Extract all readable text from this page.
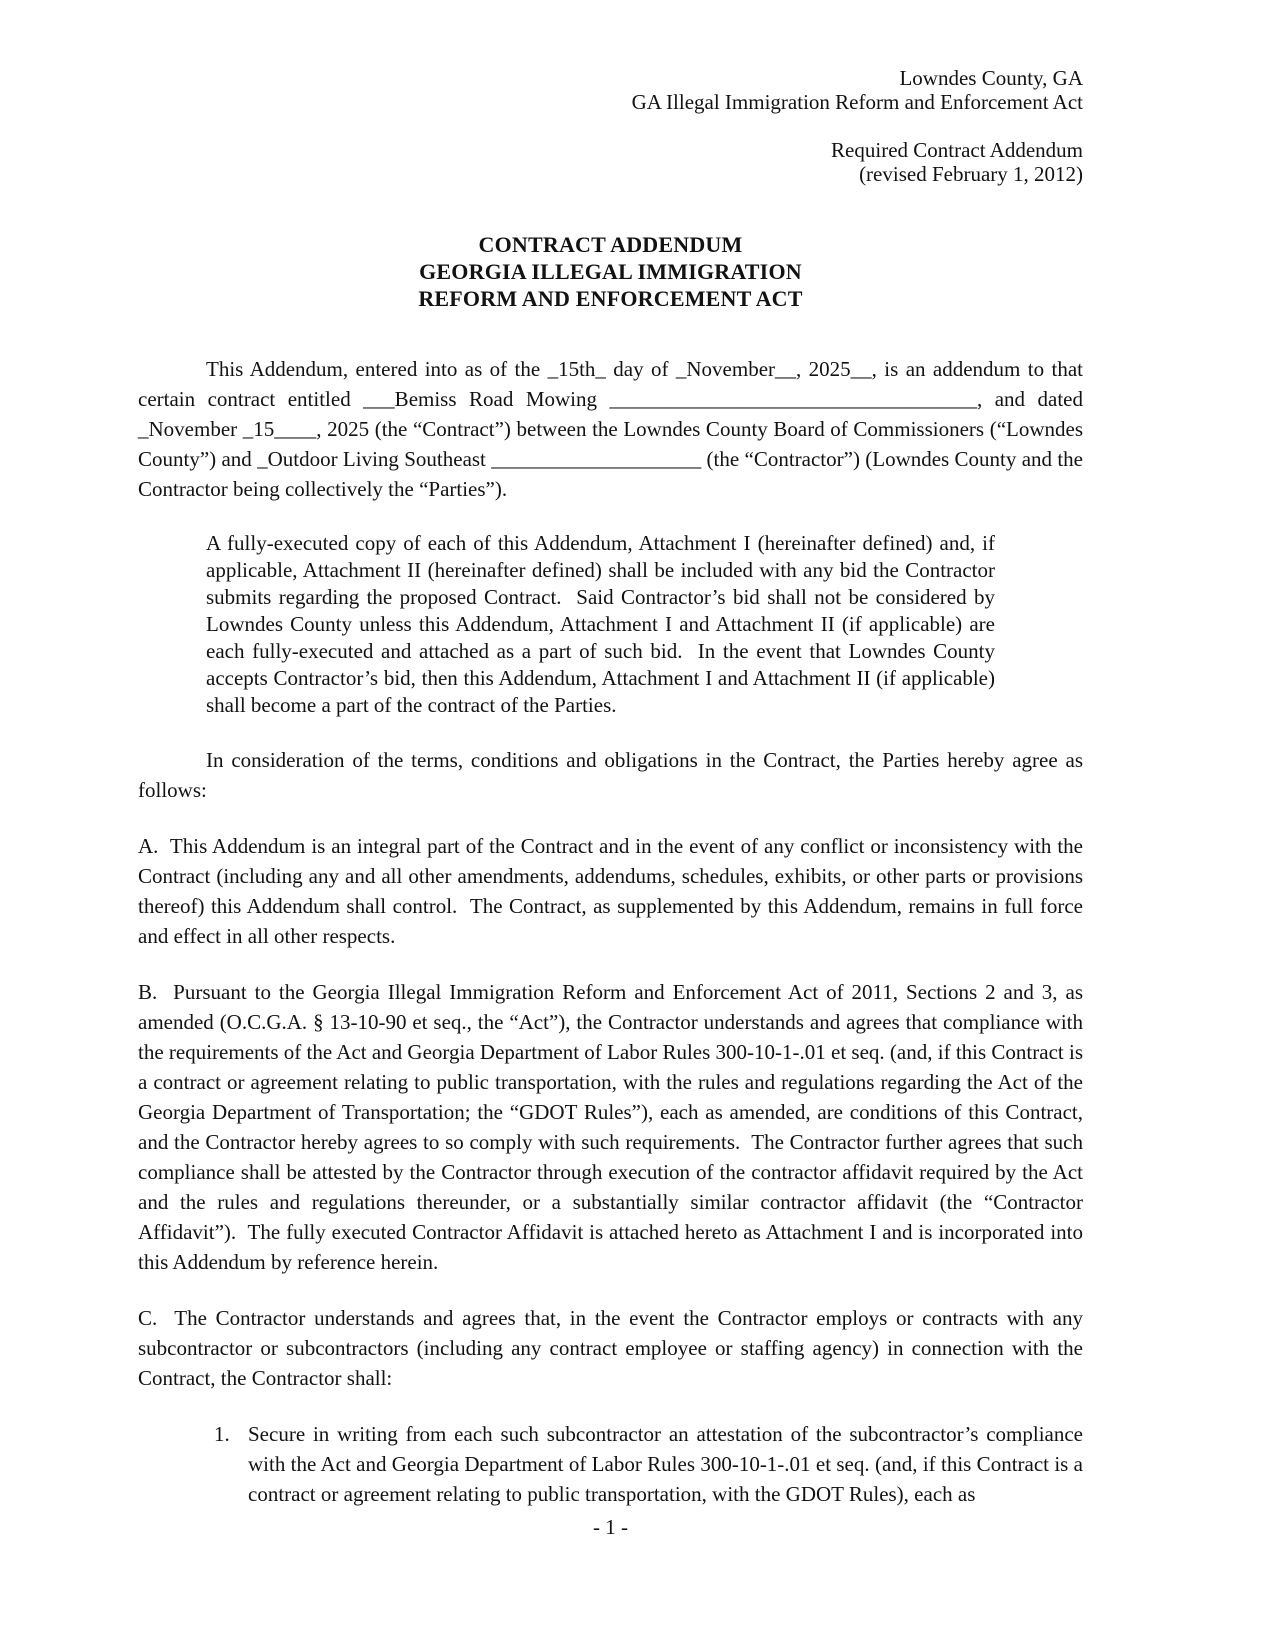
Lowndes County, GA
GA Illegal Immigration Reform and Enforcement Act
Required Contract Addendum
(revised February 1, 2012)
CONTRACT ADDENDUM
GEORGIA ILLEGAL IMMIGRATION
REFORM AND ENFORCEMENT ACT
This Addendum, entered into as of the _15th_ day of _November__, 2025__, is an addendum to that certain contract entitled ___Bemiss Road Mowing ___________________________________, and dated _November _15____, 2025 (the “Contract”) between the Lowndes County Board of Commissioners (“Lowndes County”) and _Outdoor Living Southeast ____________________ (the “Contractor”) (Lowndes County and the Contractor being collectively the “Parties”).
A fully-executed copy of each of this Addendum, Attachment I (hereinafter defined) and, if applicable, Attachment II (hereinafter defined) shall be included with any bid the Contractor submits regarding the proposed Contract.  Said Contractor’s bid shall not be considered by Lowndes County unless this Addendum, Attachment I and Attachment II (if applicable) are each fully-executed and attached as a part of such bid.  In the event that Lowndes County accepts Contractor’s bid, then this Addendum, Attachment I and Attachment II (if applicable) shall become a part of the contract of the Parties.
In consideration of the terms, conditions and obligations in the Contract, the Parties hereby agree as follows:
A.  This Addendum is an integral part of the Contract and in the event of any conflict or inconsistency with the Contract (including any and all other amendments, addendums, schedules, exhibits, or other parts or provisions thereof) this Addendum shall control.  The Contract, as supplemented by this Addendum, remains in full force and effect in all other respects.
B.  Pursuant to the Georgia Illegal Immigration Reform and Enforcement Act of 2011, Sections 2 and 3, as amended (O.C.G.A. § 13-10-90 et seq., the “Act”), the Contractor understands and agrees that compliance with the requirements of the Act and Georgia Department of Labor Rules 300-10-1-.01 et seq. (and, if this Contract is a contract or agreement relating to public transportation, with the rules and regulations regarding the Act of the Georgia Department of Transportation; the “GDOT Rules”), each as amended, are conditions of this Contract, and the Contractor hereby agrees to so comply with such requirements.  The Contractor further agrees that such compliance shall be attested by the Contractor through execution of the contractor affidavit required by the Act and the rules and regulations thereunder, or a substantially similar contractor affidavit (the “Contractor Affidavit”).  The fully executed Contractor Affidavit is attached hereto as Attachment I and is incorporated into this Addendum by reference herein.
C.  The Contractor understands and agrees that, in the event the Contractor employs or contracts with any subcontractor or subcontractors (including any contract employee or staffing agency) in connection with the Contract, the Contractor shall:
1. Secure in writing from each such subcontractor an attestation of the subcontractor’s compliance with the Act and Georgia Department of Labor Rules 300-10-1-.01 et seq. (and, if this Contract is a contract or agreement relating to public transportation, with the GDOT Rules), each as
- 1 -
